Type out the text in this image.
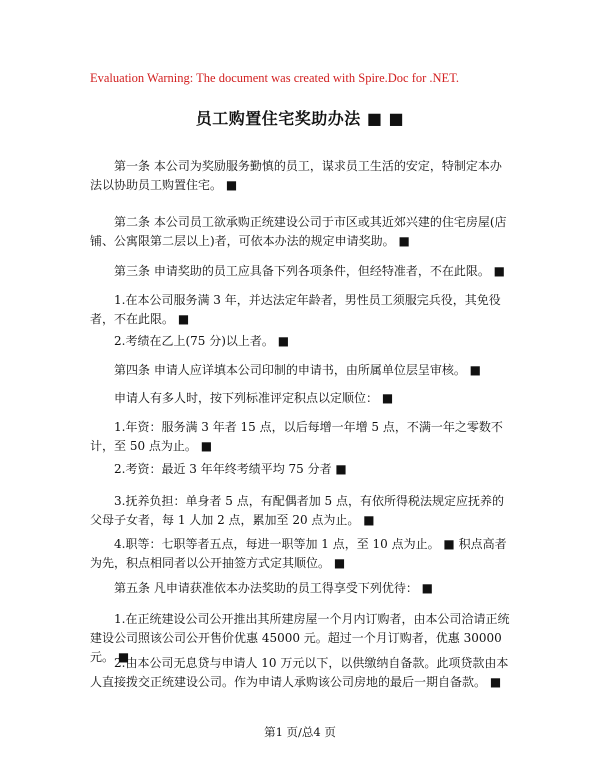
Evaluation Warning: The document was created with Spire.Doc for .NET.
员工购置住宅奖助办法 ■ ■
第一条 本公司为奖励服务勤慎的员工，谋求员工生活的安定，特制定本办法以协助员工购置住宅。 ■
第二条 本公司员工欲承购正统建设公司于市区或其近郊兴建的住宅房屋(店铺、公寓限第二层以上)者，可依本办法的规定申请奖助。 ■
第三条 申请奖助的员工应具备下列各项条件，但经特准者，不在此限。 ■
1.在本公司服务满 3 年，并达法定年龄者，男性员工须服完兵役，其免役者，不在此限。 ■
2.考绩在乙上(75 分)以上者。 ■
第四条 申请人应详填本公司印制的申请书，由所属单位层呈审核。 ■
申请人有多人时，按下列标准评定积点以定顺位： ■
1.年资：服务满 3 年者 15 点，以后每增一年增 5 点，不满一年之零数不计，至 50 点为止。 ■
2.考资：最近 3 年年终考绩平均 75 分者 ■
3.抚养负担：单身者 5 点，有配偶者加 5 点，有依所得税法规定应抚养的父母子女者，每 1 人加 2 点，累加至 20 点为止。 ■
4.职等：七职等者五点，每进一职等加 1 点，至 10 点为止。 ■ 积点高者为先，积点相同者以公开抽签方式定其顺位。 ■
第五条 凡申请获准依本办法奖助的员工得享受下列优待： ■
1.在正统建设公司公开推出其所建房屋一个月内订购者，由本公司洽请正统建设公司照该公司公开售价优惠 45000 元。超过一个月订购者，优惠 30000 元。 ■
2.由本公司无息贷与申请人 10 万元以下，以供缴纳自备款。此项贷款由本人直接拨交正统建设公司。作为申请人承购该公司房地的最后一期自备款。 ■
第1 页/总4 页
